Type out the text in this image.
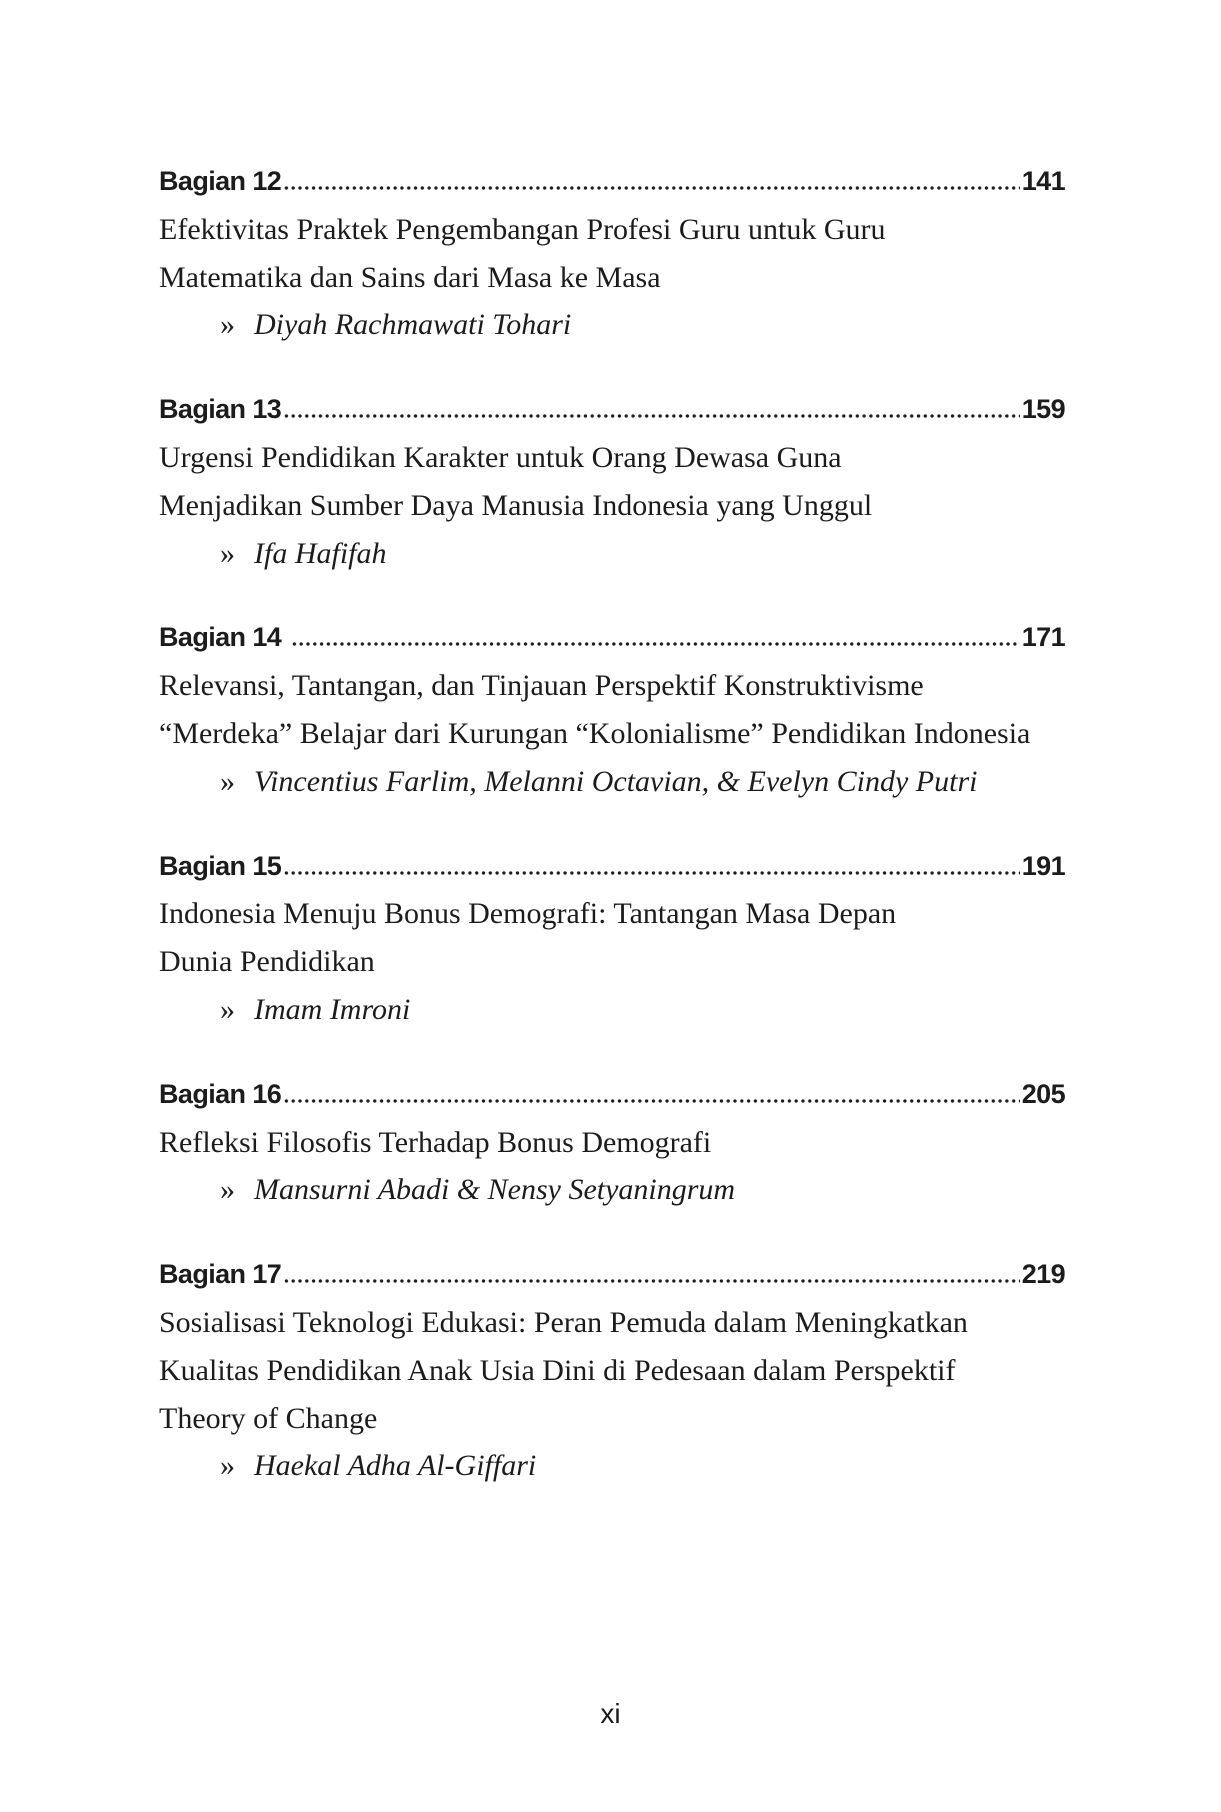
Bagian 12	141
Efektivitas Praktek Pengembangan Profesi Guru untuk Guru
Matematika dan Sains dari Masa ke Masa
» Diyah Rachmawati Tohari
Bagian 13	159
Urgensi Pendidikan Karakter untuk Orang Dewasa Guna
Menjadikan Sumber Daya Manusia Indonesia yang Unggul
» Ifa Hafifah
Bagian 14	171
Relevansi, Tantangan, dan Tinjauan Perspektif Konstruktivisme
“Merdeka” Belajar dari Kurungan “Kolonialisme” Pendidikan Indonesia
» Vincentius Farlim, Melanni Octavian, & Evelyn Cindy Putri
Bagian 15	191
Indonesia Menuju Bonus Demografi: Tantangan Masa Depan
Dunia Pendidikan
» Imam Imroni
Bagian 16	205
Refleksi Filosofis Terhadap Bonus Demografi
» Mansurni Abadi & Nensy Setyaningrum
Bagian 17	219
Sosialisasi Teknologi Edukasi: Peran Pemuda dalam Meningkatkan
Kualitas Pendidikan Anak Usia Dini di Pedesaan dalam Perspektif
Theory of Change
» Haekal Adha Al-Giffari
xi
